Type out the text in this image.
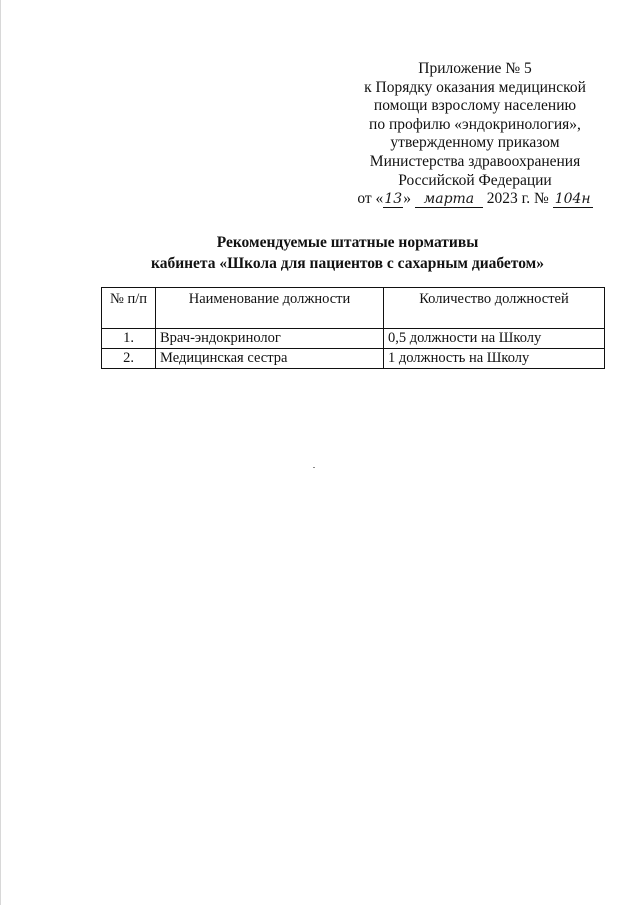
Приложение № 5
к Порядку оказания медицинской
помощи взрослому населению
по профилю «эндокринология»,
утвержденному приказом
Министерства здравоохранения
Российской Федерации
от «13» марта 2023 г. № 104н
Рекомендуемые штатные нормативы
кабинета «Школа для пациентов с сахарным диабетом»
№ п/п	Наименование должности	Количество должностей
1.	Врач-эндокринолог	0,5 должности на Школу
2.	Медицинская сестра	1 должность на Школу
